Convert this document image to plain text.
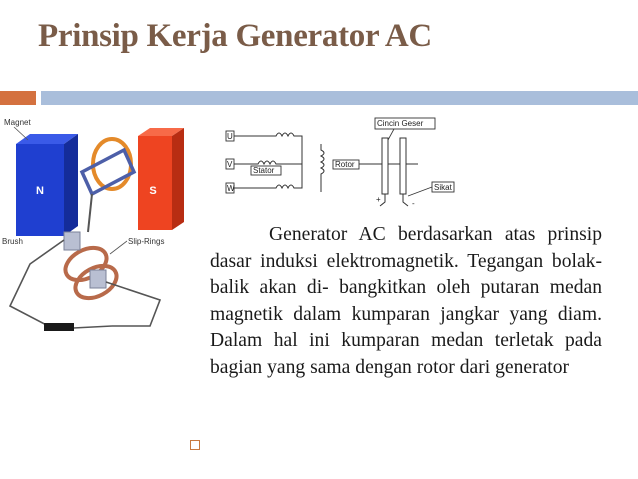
Prinsip Kerja Generator AC
N	S
Magnet
Brush	Slip-Rings
U
V
W
Stator
Rotor
Cincin Geser
Sikat
+	-
Generator AC berdasarkan atas prinsip dasar induksi elektromagnetik. Tegangan bolak-balik akan di- bangkitkan oleh putaran medan magnetik dalam kumparan jangkar yang diam. Dalam hal ini kumparan medan terletak pada bagian yang sama dengan rotor dari generator
